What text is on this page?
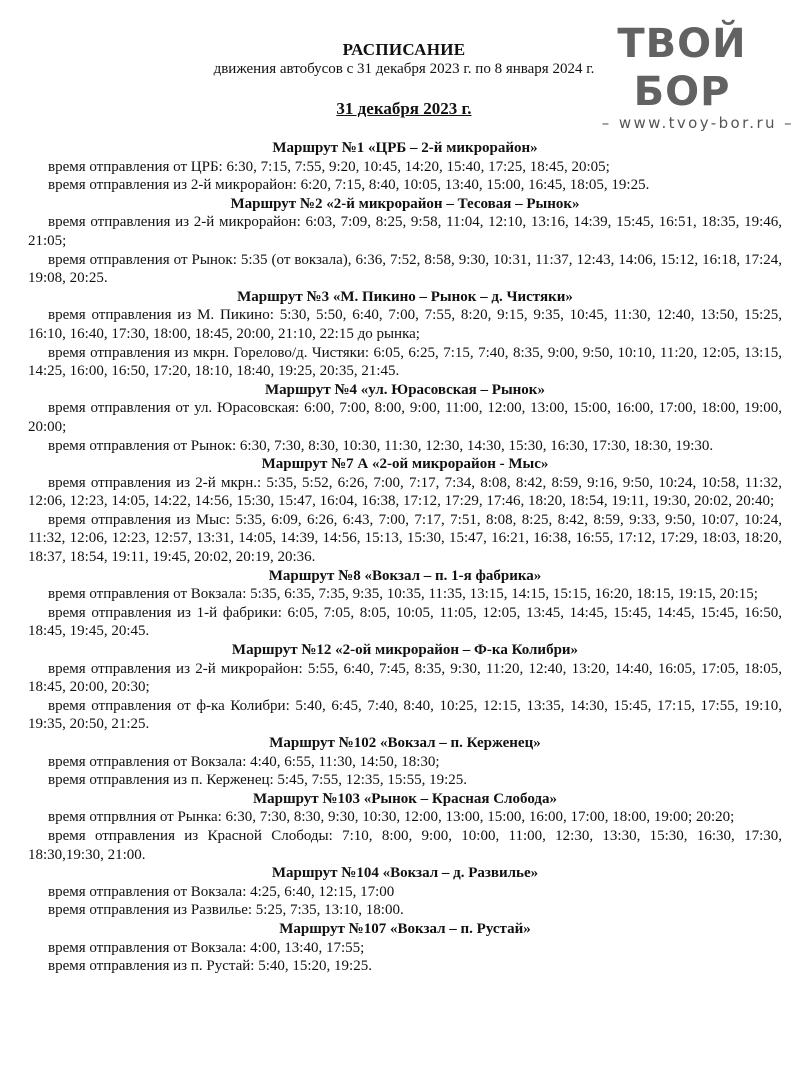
РАСПИСАНИЕ
движения автобусов с 31 декабря 2023 г. по 8 января 2024 г.
31 декабря 2023 г.
Маршрут №1 «ЦРБ – 2-й микрорайон»

время отправления от ЦРБ: 6:30, 7:15, 7:55, 9:20, 10:45, 14:20, 15:40, 17:25, 18:45, 20:05;

время отправления из 2-й микрорайон: 6:20, 7:15, 8:40, 10:05, 13:40, 15:00, 16:45, 18:05, 19:25.

Маршрут №2 «2-й микрорайон – Тесовая – Рынок»

время отправления из 2-й микрорайон: 6:03, 7:09, 8:25, 9:58, 11:04, 12:10, 13:16, 14:39, 15:45, 16:51, 18:35, 19:46, 21:05;

время отправления от Рынок: 5:35 (от вокзала), 6:36, 7:52, 8:58, 9:30, 10:31, 11:37, 12:43, 14:06, 15:12, 16:18, 17:24, 19:08, 20:25.

Маршрут №3 «М. Пикино – Рынок – д. Чистяки»

время отправления из М. Пикино: 5:30, 5:50, 6:40, 7:00, 7:55, 8:20, 9:15, 9:35, 10:45, 11:30, 12:40, 13:50, 15:25, 16:10, 16:40, 17:30, 18:00, 18:45, 20:00, 21:10, 22:15 до рынка;

время отправления из мкрн. Горелово/д. Чистяки: 6:05, 6:25, 7:15, 7:40, 8:35, 9:00, 9:50, 10:10, 11:20, 12:05, 13:15, 14:25, 16:00, 16:50, 17:20, 18:10, 18:40, 19:25, 20:35, 21:45.

Маршрут №4 «ул. Юрасовская – Рынок»

время отправления от ул. Юрасовская: 6:00, 7:00, 8:00, 9:00, 11:00, 12:00, 13:00, 15:00, 16:00, 17:00, 18:00, 19:00, 20:00;

время отправления от Рынок: 6:30, 7:30, 8:30, 10:30, 11:30, 12:30, 14:30, 15:30, 16:30, 17:30, 18:30, 19:30.

Маршрут №7 А «2-ой микрорайон - Мыс»

время отправления из 2-й мкрн.: 5:35, 5:52, 6:26, 7:00, 7:17, 7:34, 8:08, 8:42, 8:59, 9:16, 9:50, 10:24, 10:58, 11:32, 12:06, 12:23, 14:05, 14:22, 14:56, 15:30, 15:47, 16:04, 16:38, 17:12, 17:29, 17:46, 18:20, 18:54, 19:11, 19:30, 20:02, 20:40;

время отправления из Мыс: 5:35, 6:09, 6:26, 6:43, 7:00, 7:17, 7:51, 8:08, 8:25, 8:42, 8:59, 9:33, 9:50, 10:07, 10:24, 11:32, 12:06, 12:23, 12:57, 13:31, 14:05, 14:39, 14:56, 15:13, 15:30, 15:47, 16:21, 16:38, 16:55, 17:12, 17:29, 18:03, 18:20, 18:37, 18:54, 19:11, 19:45, 20:02, 20:19, 20:36.

Маршрут №8 «Вокзал – п. 1-я фабрика»

время отправления от Вокзала: 5:35, 6:35, 7:35, 9:35, 10:35, 11:35, 13:15, 14:15, 15:15, 16:20, 18:15, 19:15, 20:15;

время отправления из 1-й фабрики: 6:05, 7:05, 8:05, 10:05, 11:05, 12:05, 13:45, 14:45, 15:45, 14:45, 15:45, 16:50, 18:45, 19:45, 20:45.

Маршрут №12 «2-ой микрорайон – Ф-ка Колибри»

время отправления из 2-й микрорайон: 5:55, 6:40, 7:45, 8:35, 9:30, 11:20, 12:40, 13:20, 14:40, 16:05, 17:05, 18:05, 18:45, 20:00, 20:30;

время отправления от ф-ка Колибри: 5:40, 6:45, 7:40, 8:40, 10:25, 12:15, 13:35, 14:30, 15:45, 17:15, 17:55, 19:10, 19:35, 20:50, 21:25.

Маршрут №102 «Вокзал – п. Керженец»

время отправления от Вокзала: 4:40, 6:55, 11:30, 14:50, 18:30;

время отправления из п. Керженец: 5:45, 7:55, 12:35, 15:55, 19:25.

Маршрут №103 «Рынок – Красная Слобода»

время отпрвлния от Рынка: 6:30, 7:30, 8:30, 9:30, 10:30, 12:00, 13:00, 15:00, 16:00, 17:00, 18:00, 19:00; 20:20;

время отправления из Красной Слободы: 7:10, 8:00, 9:00, 10:00, 11:00, 12:30, 13:30, 15:30, 16:30, 17:30, 18:30,19:30, 21:00.

Маршрут №104 «Вокзал – д. Развилье»

время отправления от Вокзала: 4:25, 6:40, 12:15, 17:00

время отправления из Развилье: 5:25, 7:35, 13:10, 18:00.

Маршрут №107 «Вокзал – п. Рустай»

время отправления от Вокзала: 4:00, 13:40, 17:55;

время отправления из п. Рустай: 5:40, 15:20, 19:25.

ТВОЙ БОР
– www.tvoy-bor.ru –
